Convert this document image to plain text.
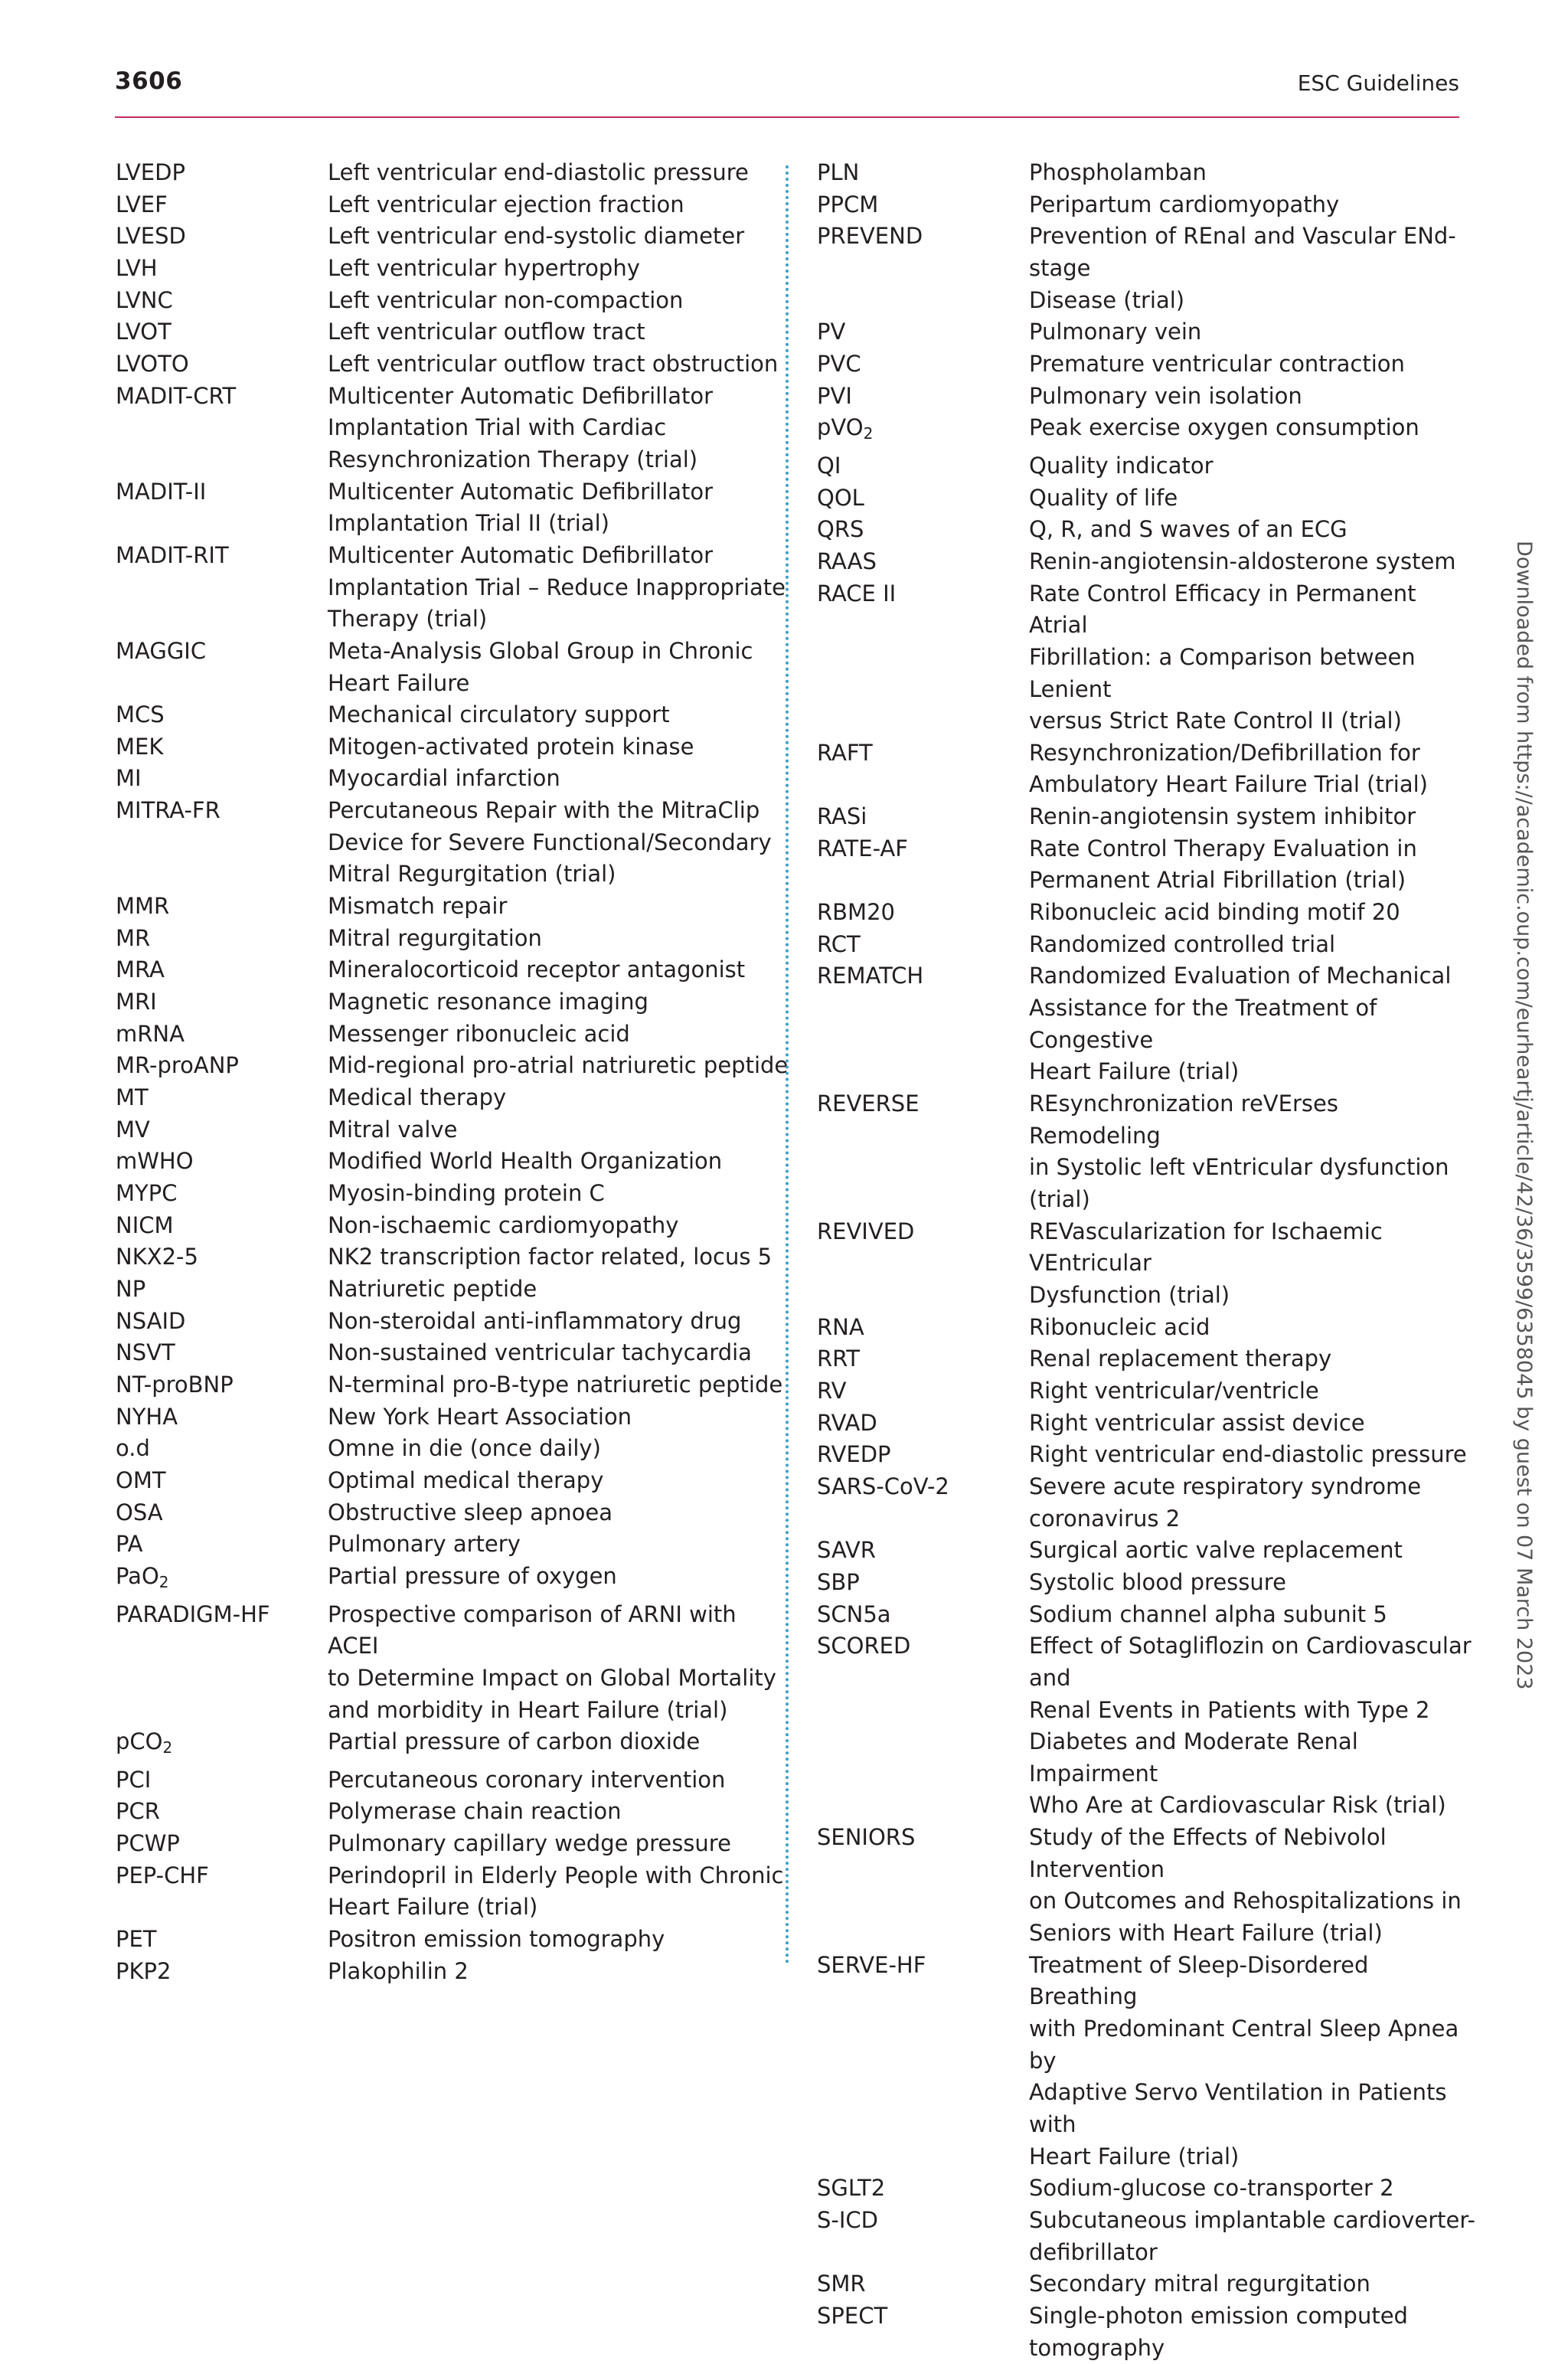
3606	ESC Guidelines
LVEDP	Left ventricular end-diastolic pressure
LVEF	Left ventricular ejection fraction
LVESD	Left ventricular end-systolic diameter
LVH	Left ventricular hypertrophy
LVNC	Left ventricular non-compaction
LVOT	Left ventricular outflow tract
LVOTO	Left ventricular outflow tract obstruction
MADIT-CRT	Multicenter Automatic Defibrillator
Implantation Trial with Cardiac
Resynchronization Therapy (trial)
MADIT-II	Multicenter Automatic Defibrillator
Implantation Trial II (trial)
MADIT-RIT	Multicenter Automatic Defibrillator
Implantation Trial – Reduce Inappropriate
Therapy (trial)
MAGGIC	Meta-Analysis Global Group in Chronic
Heart Failure
MCS	Mechanical circulatory support
MEK	Mitogen-activated protein kinase
MI	Myocardial infarction
MITRA-FR	Percutaneous Repair with the MitraClip
Device for Severe Functional/Secondary
Mitral Regurgitation (trial)
MMR	Mismatch repair
MR	Mitral regurgitation
MRA	Mineralocorticoid receptor antagonist
MRI	Magnetic resonance imaging
mRNA	Messenger ribonucleic acid
MR-proANP	Mid-regional pro-atrial natriuretic peptide
MT	Medical therapy
MV	Mitral valve
mWHO	Modified World Health Organization
MYPC	Myosin-binding protein C
NICM	Non-ischaemic cardiomyopathy
NKX2-5	NK2 transcription factor related, locus 5
NP	Natriuretic peptide
NSAID	Non-steroidal anti-inflammatory drug
NSVT	Non-sustained ventricular tachycardia
NT-proBNP	N-terminal pro-B-type natriuretic peptide
NYHA	New York Heart Association
o.d	Omne in die (once daily)
OMT	Optimal medical therapy
OSA	Obstructive sleep apnoea
PA	Pulmonary artery
PaO$_2$	Partial pressure of oxygen
PARADIGM-HF	Prospective comparison of ARNI with ACEI
to Determine Impact on Global Mortality
and morbidity in Heart Failure (trial)
pCO$_2$	Partial pressure of carbon dioxide
PCI	Percutaneous coronary intervention
PCR	Polymerase chain reaction
PCWP	Pulmonary capillary wedge pressure
PEP-CHF	Perindopril in Elderly People with Chronic
Heart Failure (trial)
PET	Positron emission tomography
PKP2	Plakophilin 2
PLN	Phospholamban
PPCM	Peripartum cardiomyopathy
PREVEND	Prevention of REnal and Vascular ENd-stage
Disease (trial)
PV	Pulmonary vein
PVC	Premature ventricular contraction
PVI	Pulmonary vein isolation
pVO$_2$	Peak exercise oxygen consumption
QI	Quality indicator
QOL	Quality of life
QRS	Q, R, and S waves of an ECG
RAAS	Renin-angiotensin-aldosterone system
RACE II	Rate Control Efficacy in Permanent Atrial
Fibrillation: a Comparison between Lenient
versus Strict Rate Control II (trial)
RAFT	Resynchronization/Defibrillation for
Ambulatory Heart Failure Trial (trial)
RASi	Renin-angiotensin system inhibitor
RATE-AF	Rate Control Therapy Evaluation in
Permanent Atrial Fibrillation (trial)
RBM20	Ribonucleic acid binding motif 20
RCT	Randomized controlled trial
REMATCH	Randomized Evaluation of Mechanical
Assistance for the Treatment of Congestive
Heart Failure (trial)
REVERSE	REsynchronization reVErses Remodeling
in Systolic left vEntricular dysfunction
(trial)
REVIVED	REVascularization for Ischaemic VEntricular
Dysfunction (trial)
RNA	Ribonucleic acid
RRT	Renal replacement therapy
RV	Right ventricular/ventricle
RVAD	Right ventricular assist device
RVEDP	Right ventricular end-diastolic pressure
SARS-CoV-2	Severe acute respiratory syndrome
coronavirus 2
SAVR	Surgical aortic valve replacement
SBP	Systolic blood pressure
SCN5a	Sodium channel alpha subunit 5
SCORED	Effect of Sotagliflozin on Cardiovascular and
Renal Events in Patients with Type 2
Diabetes and Moderate Renal Impairment
Who Are at Cardiovascular Risk (trial)
SENIORS	Study of the Effects of Nebivolol Intervention
on Outcomes and Rehospitalizations in
Seniors with Heart Failure (trial)
SERVE-HF	Treatment of Sleep-Disordered Breathing
with Predominant Central Sleep Apnea by
Adaptive Servo Ventilation in Patients with
Heart Failure (trial)
SGLT2	Sodium-glucose co-transporter 2
S-ICD	Subcutaneous implantable cardioverter-
defibrillator
SMR	Secondary mitral regurgitation
SPECT	Single-photon emission computed tomography
Downloaded from https://academic.oup.com/eurheartj/article/42/36/3599/6358045 by guest on 07 March 2023
